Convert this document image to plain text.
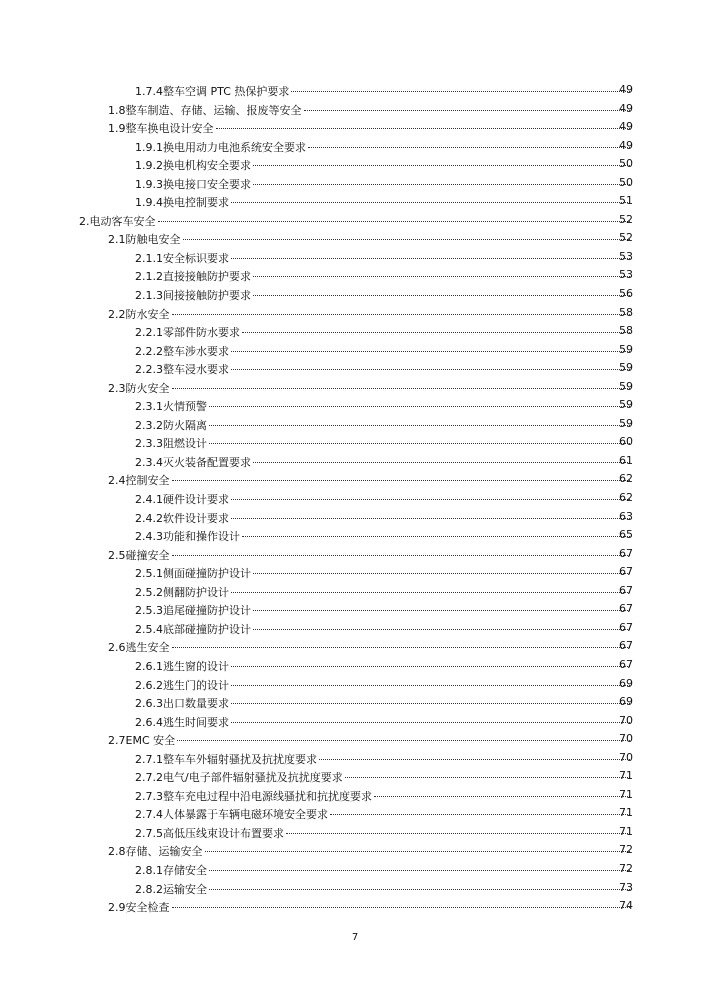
1.7.4 整车空调 PTC 热保护要求	49
1.8 整车制造、存储、运输、报废等安全	49
1.9 整车换电设计安全	49
1.9.1 换电用动力电池系统安全要求	49
1.9.2 换电机构安全要求	50
1.9.3 换电接口安全要求	50
1.9.4 换电控制要求	51
2. 电动客车安全	52
2.1 防触电安全	52
2.1.1 安全标识要求	53
2.1.2 直接接触防护要求	53
2.1.3 间接接触防护要求	56
2.2 防水安全	58
2.2.1 零部件防水要求	58
2.2.2 整车涉水要求	59
2.2.3 整车浸水要求	59
2.3 防火安全	59
2.3.1 火情预警	59
2.3.2 防火隔离	59
2.3.3 阻燃设计	60
2.3.4 灭火装备配置要求	61
2.4 控制安全	62
2.4.1 硬件设计要求	62
2.4.2 软件设计要求	63
2.4.3 功能和操作设计	65
2.5 碰撞安全	67
2.5.1 侧面碰撞防护设计	67
2.5.2 侧翻防护设计	67
2.5.3 追尾碰撞防护设计	67
2.5.4 底部碰撞防护设计	67
2.6 逃生安全	67
2.6.1 逃生窗的设计	67
2.6.2 逃生门的设计	69
2.6.3 出口数量要求	69
2.6.4 逃生时间要求	70
2.7 EMC 安全	70
2.7.1 整车车外辐射骚扰及抗扰度要求	70
2.7.2 电气/电子部件辐射骚扰及抗扰度要求	71
2.7.3 整车充电过程中沿电源线骚扰和抗扰度要求	71
2.7.4 人体暴露于车辆电磁环境安全要求	71
2.7.5 高低压线束设计布置要求	71
2.8 存储、运输安全	72
2.8.1 存储安全	72
2.8.2 运输安全	73
2.9 安全检查	74
7
